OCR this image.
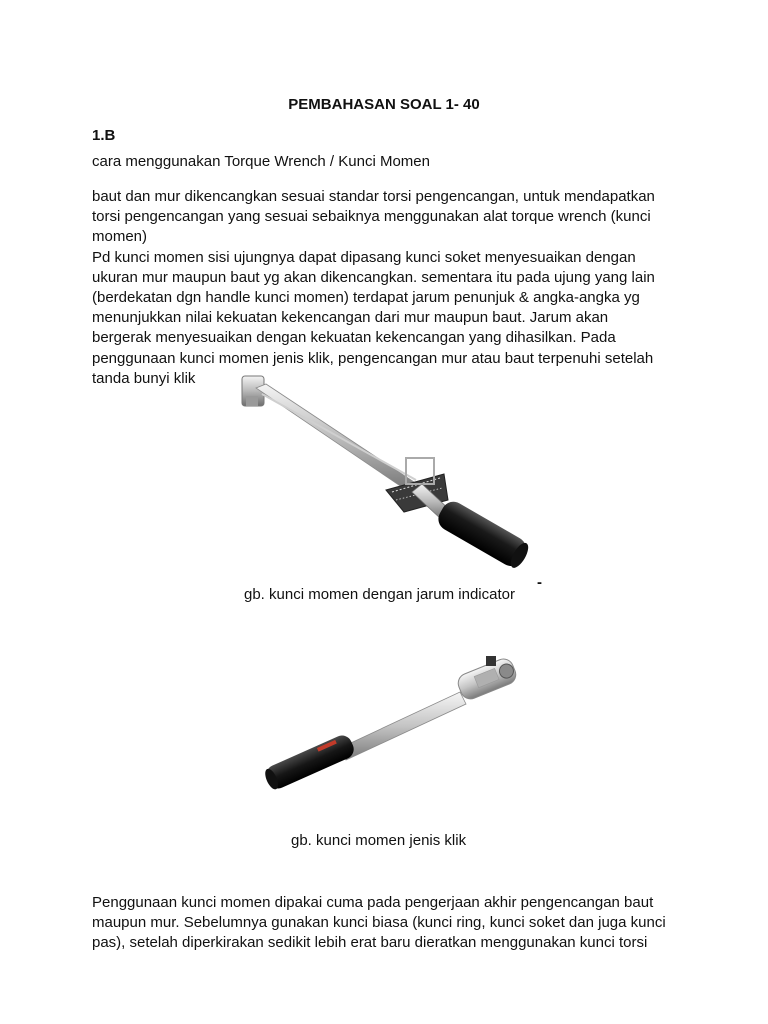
PEMBAHASAN SOAL 1- 40
1.B
cara menggunakan Torque Wrench / Kunci Momen

baut dan mur dikencangkan sesuai standar torsi pengencangan, untuk mendapatkan

torsi pengencangan yang sesuai sebaiknya menggunakan alat torque wrench (kunci

momen)

Pd kunci momen sisi ujungnya dapat dipasang kunci soket menyesuaikan dengan

ukuran mur maupun baut yg akan dikencangkan. sementara itu pada ujung yang lain

(berdekatan dgn handle kunci momen) terdapat jarum penunjuk & angka-angka yg

menunjukkan nilai kekuatan kekencangan dari mur maupun baut. Jarum akan

bergerak menyesuaikan dengan kekuatan kekencangan yang dihasilkan. Pada

penggunaan kunci momen jenis klik, pengencangan mur atau baut terpenuhi setelah

tanda bunyi klik

gb. kunci momen dengan jarum indicator
-
gb. kunci momen jenis klik

Penggunaan kunci momen dipakai cuma pada pengerjaan akhir pengencangan baut

maupun mur. Sebelumnya gunakan kunci biasa (kunci ring, kunci soket dan juga kunci

pas), setelah diperkirakan sedikit lebih erat baru dieratkan menggunakan kunci torsi
